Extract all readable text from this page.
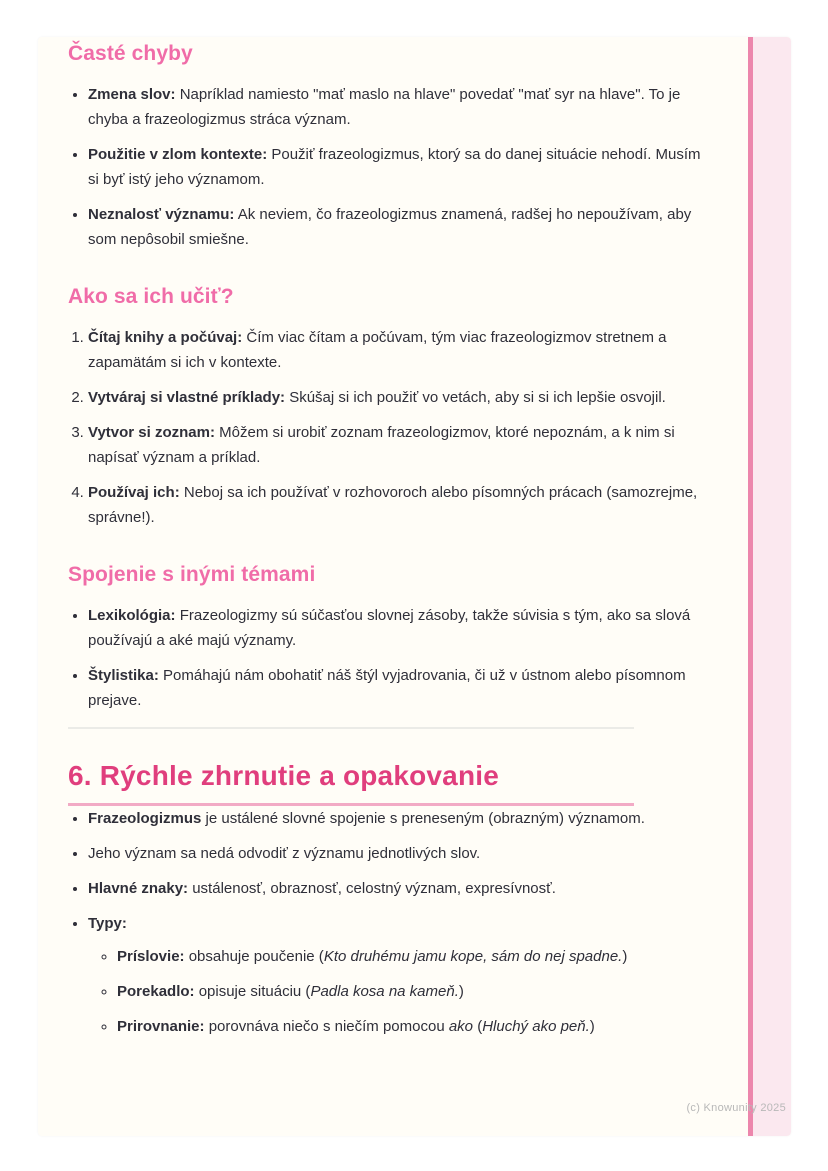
Časté chyby
• Zmena slov: Napríklad namiesto "mať maslo na hlave" povedať "mať syr na hlave". To je chyba a frazeologizmus stráca význam.
• Použitie v zlom kontexte: Použiť frazeologizmus, ktorý sa do danej situácie nehodí. Musím si byť istý jeho významom.
• Neznalosť významu: Ak neviem, čo frazeologizmus znamená, radšej ho nepoužívam, aby som nepôsobil smiešne.
Ako sa ich učiť?
1. Čítaj knihy a počúvaj: Čím viac čítam a počúvam, tým viac frazeologizmov stretnem a zapamätám si ich v kontexte.
2. Vytváraj si vlastné príklady: Skúšaj si ich použiť vo vetách, aby si si ich lepšie osvojil.
3. Vytvor si zoznam: Môžem si urobiť zoznam frazeologizmov, ktoré nepoznám, a k nim si napísať význam a príklad.
4. Používaj ich: Neboj sa ich používať v rozhovoroch alebo písomných prácach (samozrejme, správne!).
Spojenie s inými témami
• Lexikológia: Frazeologizmy sú súčasťou slovnej zásoby, takže súvisia s tým, ako sa slová používajú a aké majú významy.
• Štylistika: Pomáhajú nám obohatiť náš štýl vyjadrovania, či už v ústnom alebo písomnom prejave.
6. Rýchle zhrnutie a opakovanie
• Frazeologizmus je ustálené slovné spojenie s preneseným (obrazným) významom.
• Jeho význam sa nedá odvodiť z významu jednotlivých slov.
• Hlavné znaky: ustálenosť, obraznosť, celostný význam, expresívnosť.
• Typy:
◦ Príslovie: obsahuje poučenie (Kto druhému jamu kope, sám do nej spadne.)
◦ Porekadlo: opisuje situáciu (Padla kosa na kameň.)
◦ Prirovnanie: porovnáva niečo s niečím pomocou ako (Hluchý ako peň.)
(c) Knowunity 2025
